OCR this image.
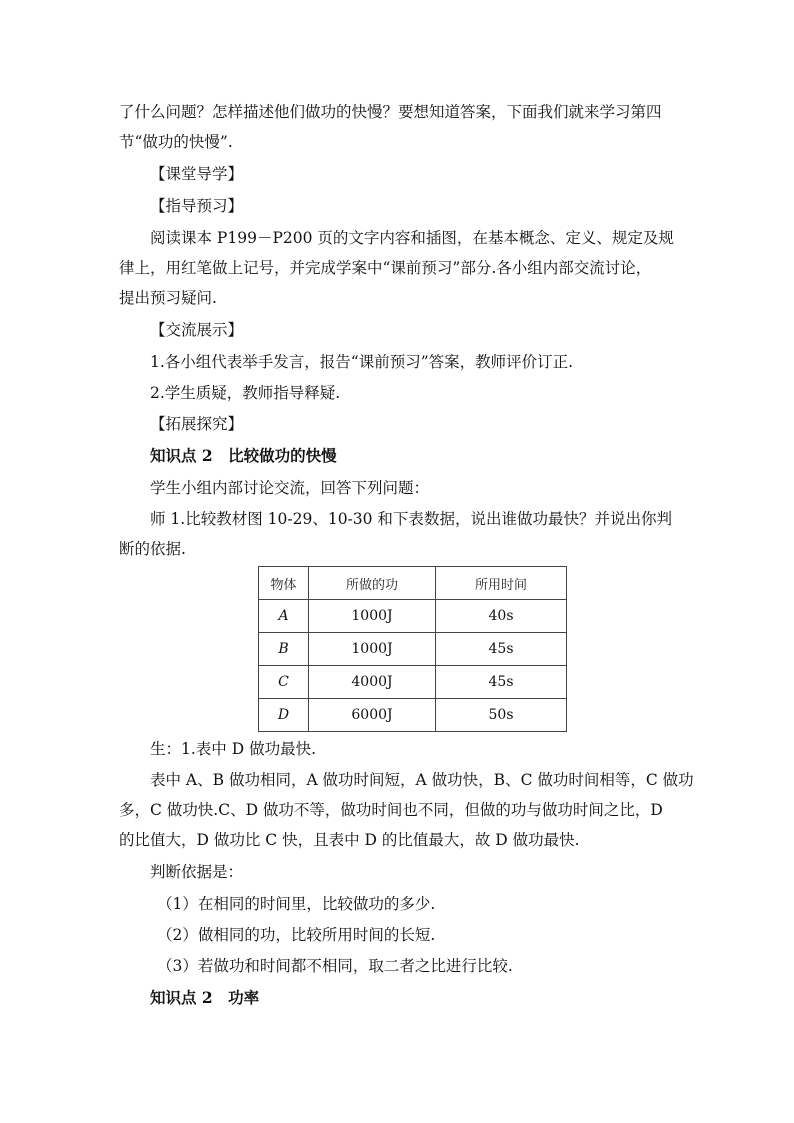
了什么问题？怎样描述他们做功的快慢？要想知道答案，下面我们就来学习第四
节“做功的快慢”.
【课堂导学】
【指导预习】
阅读课本 P199－P200 页的文字内容和插图，在基本概念、定义、规定及规
律上，用红笔做上记号，并完成学案中“课前预习”部分.各小组内部交流讨论，
提出预习疑问.
【交流展示】
1.各小组代表举手发言，报告“课前预习”答案，教师评价订正.
2.学生质疑，教师指导释疑.
【拓展探究】
知识点 2　比较做功的快慢
学生小组内部讨论交流，回答下列问题：
师 1.比较教材图 10-29、10-30 和下表数据，说出谁做功最快？并说出你判
断的依据.
物体	所做的功	所用时间
A	1000J	40s
B	1000J	45s
C	4000J	45s
D	6000J	50s
生：1.表中 D 做功最快.
表中 A、B 做功相同，A 做功时间短，A 做功快，B、C 做功时间相等，C 做功
多，C 做功快.C、D 做功不等，做功时间也不同，但做的功与做功时间之比，D
的比值大，D 做功比 C 快，且表中 D 的比值最大，故 D 做功最快.
判断依据是：
（1）在相同的时间里，比较做功的多少.
（2）做相同的功，比较所用时间的长短.
（3）若做功和时间都不相同，取二者之比进行比较.
知识点 2　功率
